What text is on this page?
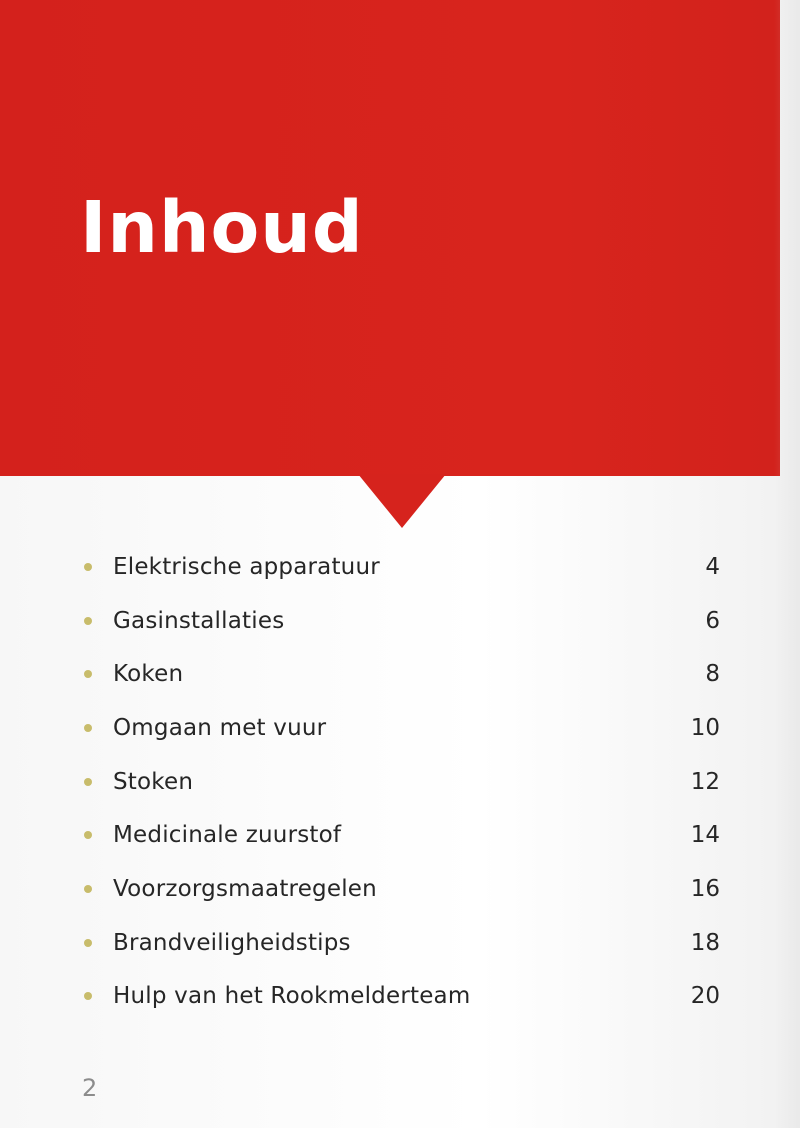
Inhoud
Elektrische apparatuur	4
Gasinstallaties	6
Koken	8
Omgaan met vuur	10
Stoken	12
Medicinale zuurstof	14
Voorzorgsmaatregelen	16
Brandveiligheidstips	18
Hulp van het Rookmelderteam	20
2
